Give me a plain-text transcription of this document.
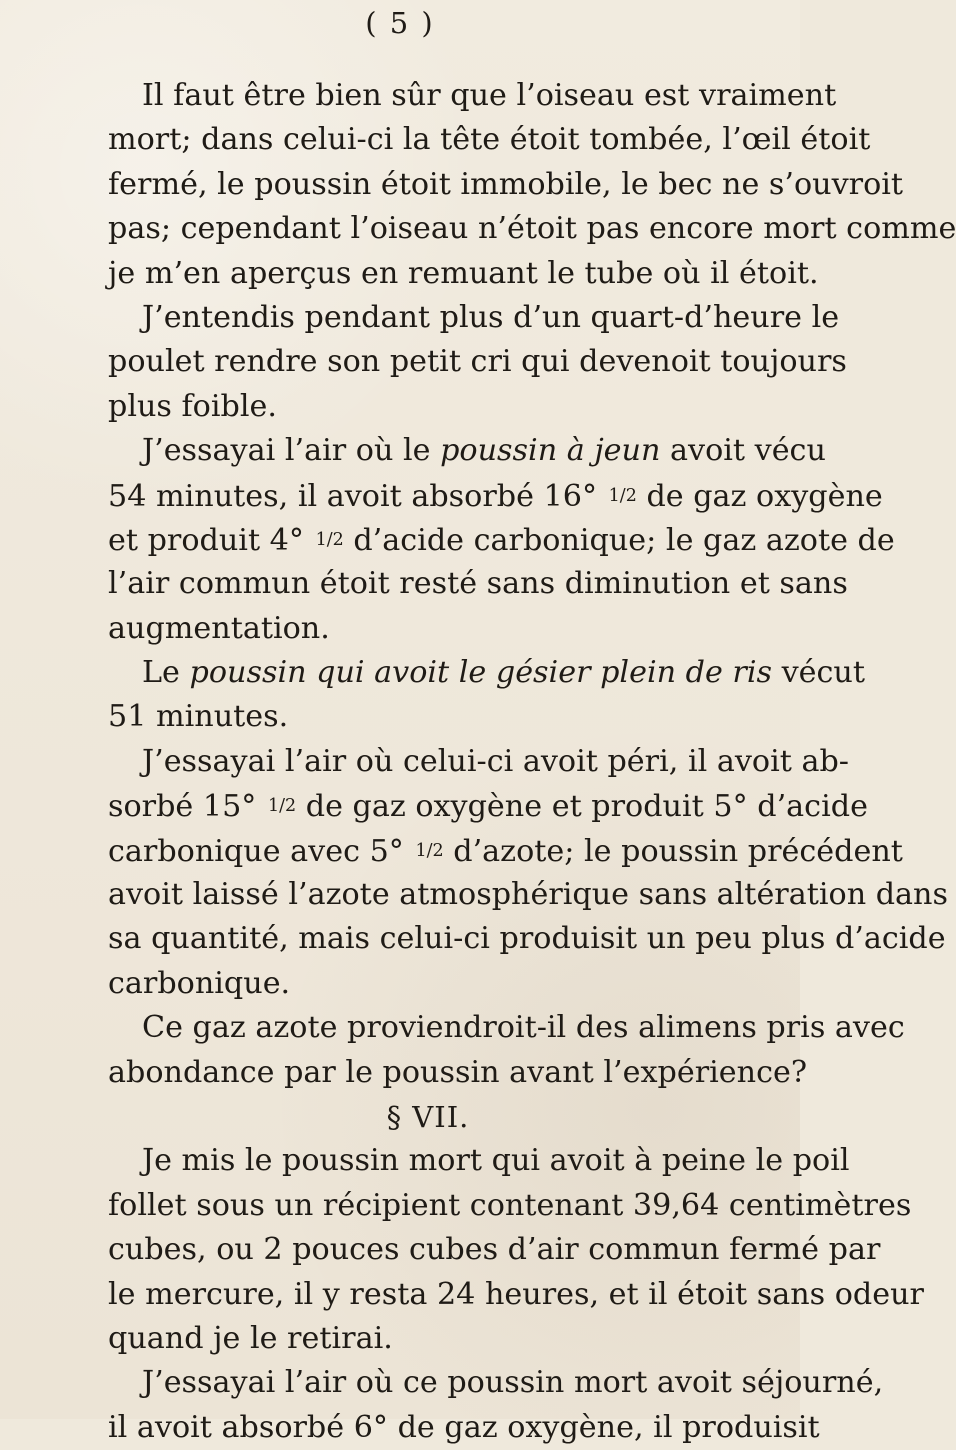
( 5 )
Il faut être bien sûr que l’oiseau est vraiment
mort; dans celui-ci la tête étoit tombée, l’œil étoit
fermé, le poussin étoit immobile, le bec ne s’ouvroit
pas; cependant l’oiseau n’étoit pas encore mort comme
je m’en aperçus en remuant le tube où il étoit.
J’entendis pendant plus d’un quart-d’heure le
poulet rendre son petit cri qui devenoit toujours
plus foible.
J’essayai l’air où le poussin à jeun avoit vécu
54 minutes, il avoit absorbé 16° 1/2 de gaz oxygène
et produit 4° 1/2 d’acide carbonique; le gaz azote de
l’air commun étoit resté sans diminution et sans
augmentation.
Le poussin qui avoit le gésier plein de ris vécut
51 minutes.
J’essayai l’air où celui-ci avoit péri, il avoit ab-
sorbé 15° 1/2 de gaz oxygène et produit 5° d’acide
carbonique avec 5° 1/2 d’azote; le poussin précédent
avoit laissé l’azote atmosphérique sans altération dans
sa quantité, mais celui-ci produisit un peu plus d’acide
carbonique.
Ce gaz azote proviendroit-il des alimens pris avec
abondance par le poussin avant l’expérience?
§ VII.
Je mis le poussin mort qui avoit à peine le poil
follet sous un récipient contenant 39,64 centimètres
cubes, ou 2 pouces cubes d’air commun fermé par
le mercure, il y resta 24 heures, et il étoit sans odeur
quand je le retirai.
J’essayai l’air où ce poussin mort avoit séjourné,
il avoit absorbé 6° de gaz oxygène, il produisit
